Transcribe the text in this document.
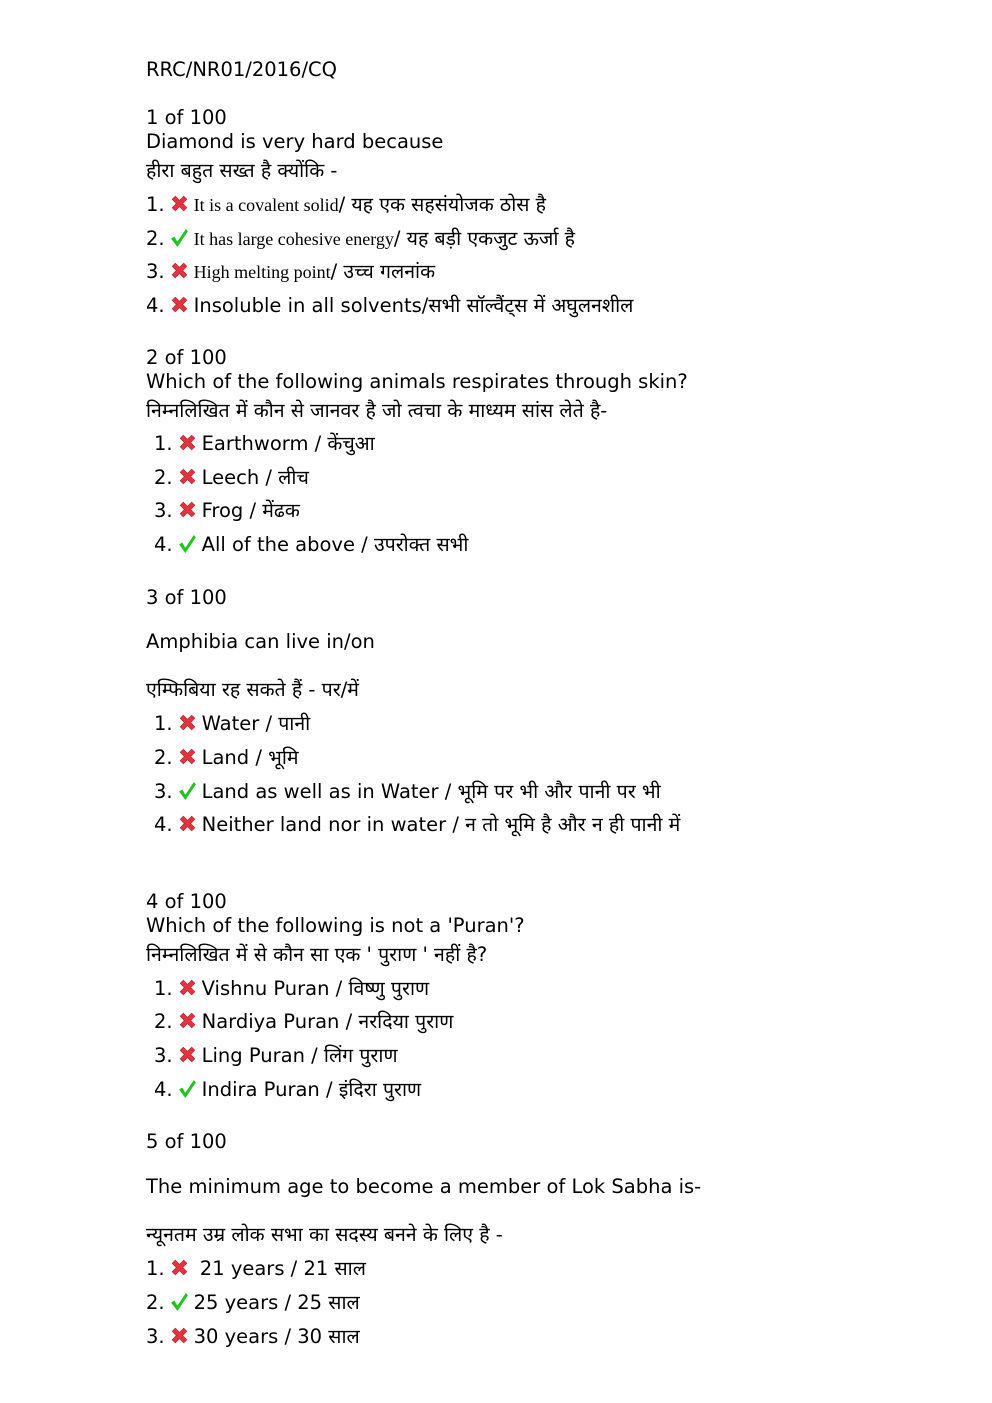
RRC/NR01/2016/CQ
1 of 100
Diamond is very hard because
हीरा बहुत सख्त है क्योंकि -
1. It is a covalent solid / यह एक सहसंयोजक ठोस है
2. It has large cohesive energy / यह बड़ी एकजुट ऊर्जा है
3. High melting point / उच्च गलनांक
4. Insoluble in all solvents/सभी सॉल्वैंट्स में अघुलनशील
2 of 100
Which of the following animals respirates through skin?
निम्नलिखित में कौन से जानवर है जो त्वचा के माध्यम सांस लेते है-
1. Earthworm / केंचुआ
2. Leech / लीच
3. Frog / मेंढक
4. All of the above / उपरोक्त सभी
3 of 100
Amphibia can live in/on
एम्फिबिया रह सकते हैं - पर/में
1. Water / पानी
2. Land / भूमि
3. Land as well as in Water / भूमि पर भी और पानी पर भी
4. Neither land nor in water / न तो भूमि है और न ही पानी में
4 of 100
Which of the following is not a 'Puran'?
निम्नलिखित में से कौन सा एक ' पुराण ' नहीं है?
1. Vishnu Puran / विष्णु पुराण
2. Nardiya Puran / नरदिया पुराण
3. Ling Puran / लिंग पुराण
4. Indira Puran / इंदिरा पुराण
5 of 100
The minimum age to become a member of Lok Sabha is-
न्यूनतम उम्र लोक सभा का सदस्य बनने के लिए है -
1. 21 years / 21 साल
2. 25 years / 25 साल
3. 30 years / 30 साल
